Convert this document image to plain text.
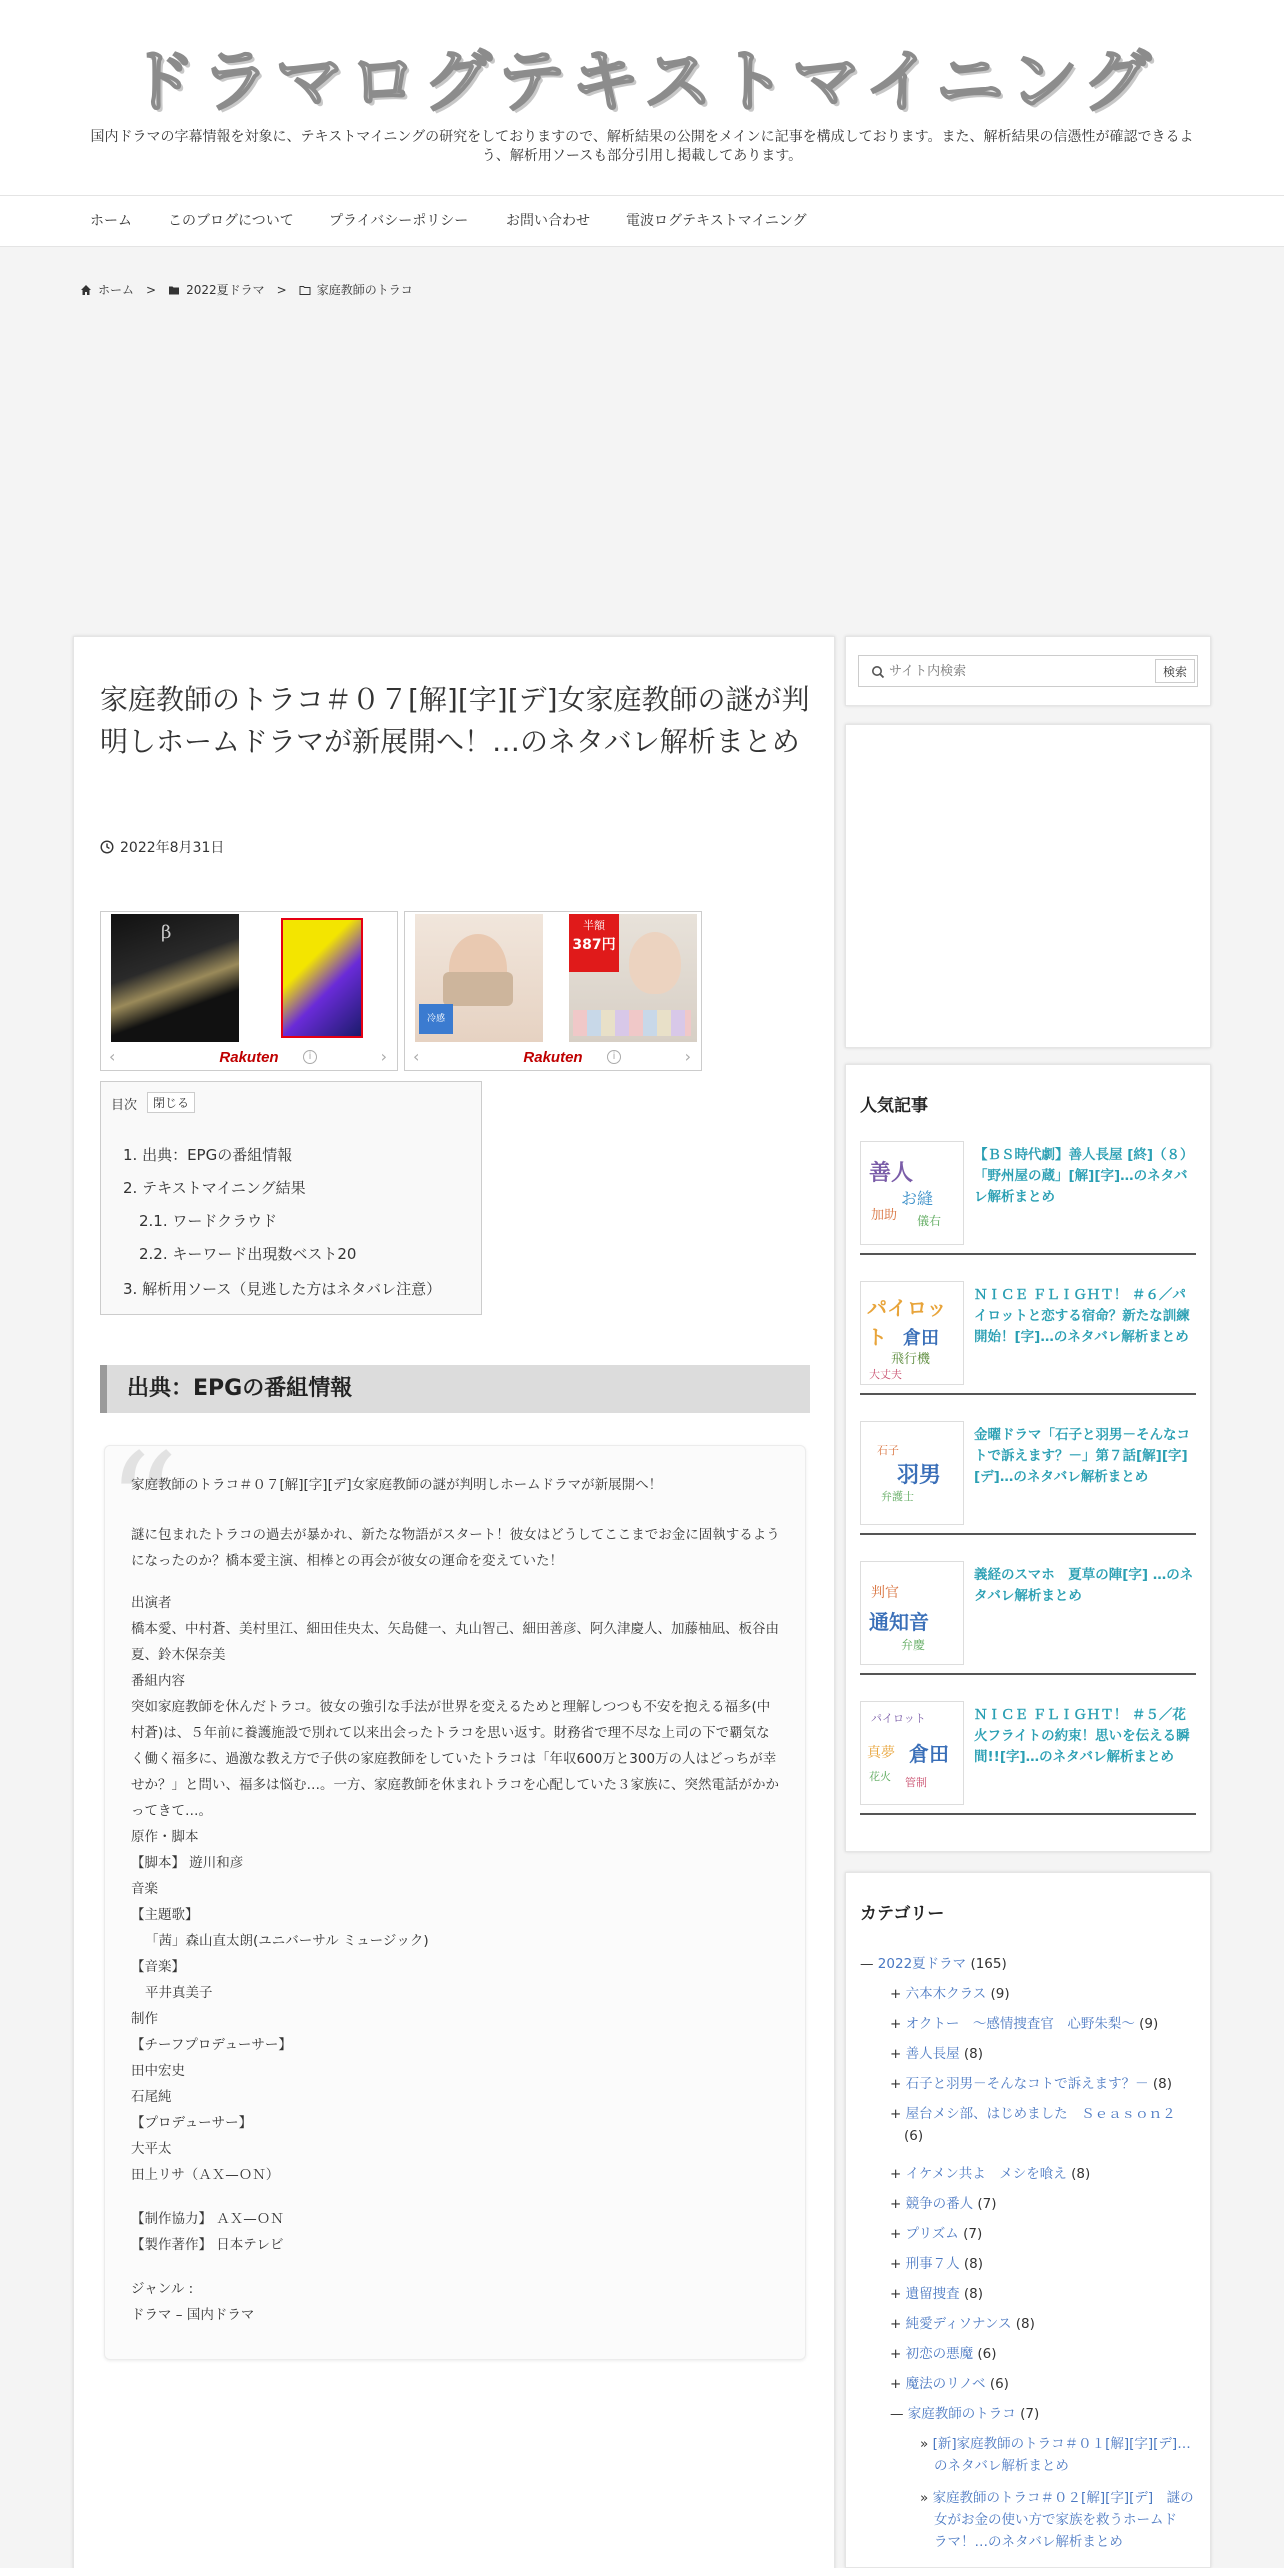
ドラマログテキストマイニング
国内ドラマの字幕情報を対象に、テキストマイニングの研究をしておりますので、解析結果の公開をメインに記事を構成しております。また、解析結果の信憑性が確認できるよう、解析用ソースも部分引用し掲載してあります。
ホーム	このブログについて	プライバシーポリシー	お問い合わせ	電波ログテキストマイニング
ホーム >	2022夏ドラマ >	家庭教師のトラコ
家庭教師のトラコ＃０７[解][字][デ]女家庭教師の謎が判明しホームドラマが新展開へ！…のネタバレ解析まとめ
2022年8月31日
β
‹	›
i
Rakuten
冷感
半額
387円
‹	›
i
Rakuten
目次	閉じる
1. 出典：EPGの番組情報
2. テキストマイニング結果
2.1. ワードクラウド
2.2. キーワード出現数ベスト20
3. 解析用ソース（見逃した方はネタバレ注意）
出典：EPGの番組情報
“
家庭教師のトラコ＃０７[解][字][デ]女家庭教師の謎が判明しホームドラマが新展開へ！
謎に包まれたトラコの過去が暴かれ、新たな物語がスタート！彼女はどうしてここまでお金に固執するようになったのか？橋本愛主演、相棒との再会が彼女の運命を変えていた！
出演者
橋本愛、中村蒼、美村里江、細田佳央太、矢島健一、丸山智己、細田善彦、阿久津慶人、加藤柚凪、板谷由夏、鈴木保奈美
番組内容
突如家庭教師を休んだトラコ。彼女の強引な手法が世界を変えるためと理解しつつも不安を抱える福多(中村蒼)は、５年前に養護施設で別れて以来出会ったトラコを思い返す。財務省で理不尽な上司の下で覇気なく働く福多に、過激な教え方で子供の家庭教師をしていたトラコは「年収600万と300万の人はどっちが幸せか？」と問い、福多は悩む…。一方、家庭教師を休まれトラコを心配していた３家族に、突然電話がかかってきて…。
原作・脚本
【脚本】 遊川和彦
音楽
【主題歌】
「茜」森山直太朗(ユニバーサル ミュージック)
【音楽】
平井真美子
制作
【チーフプロデューサー】
田中宏史
石尾純
【プロデューサー】
大平太
田上リサ（ＡＸ—ＯＮ）
【制作協力】 ＡＸ—ＯＮ
【製作著作】 日本テレビ
ジャンル :
ドラマ – 国内ドラマ
サイト内検索
検索
人気記事
善人
お縫
加助 儀右
【ＢＳ時代劇】善人長屋 [終]（８）「野州屋の蔵」[解][字]…のネタバレ解析まとめ
パイロット 倉田
飛行機
大丈夫
ＮＩＣＥ ＦＬＩＧＨＴ！ ＃６／パイロットと恋する宿命？新たな訓練開始！[字]…のネタバレ解析まとめ
羽男
石子
弁護士
金曜ドラマ「石子と羽男－そんなコトで訴えます？－」第７話[解][字][デ]…のネタバレ解析まとめ
判官
通知音
弁慶
義経のスマホ　夏草の陣[字] …のネタバレ解析まとめ
パイロット
倉田
真夢
花火 管制
ＮＩＣＥ ＦＬＩＧＨＴ！ ＃５／花火フライトの約束！思いを伝える瞬間!![字]…のネタバレ解析まとめ
カテゴリー
— 2022夏ドラマ (165)
+ 六本木クラス (9)
+ オクトー　～感情捜査官　心野朱梨～ (9)
+ 善人長屋 (8)
+ 石子と羽男－そんなコトで訴えます？－ (8)
+ 屋台メシ部、はじめました　Ｓｅａｓｏｎ２
(6)
+ イケメン共よ　メシを喰え (8)
+ 競争の番人 (7)
+ プリズム (7)
+ 刑事７人 (8)
+ 遺留捜査 (8)
+ 純愛ディソナンス (8)
+ 初恋の悪魔 (6)
+ 魔法のリノベ (6)
— 家庭教師のトラコ (7)
» [新]家庭教師のトラコ＃０１[解][字][デ]…
のネタバレ解析まとめ
» 家庭教師のトラコ＃０２[解][字][デ]　謎の
女がお金の使い方で家族を救うホームド
ラマ！…のネタバレ解析まとめ
